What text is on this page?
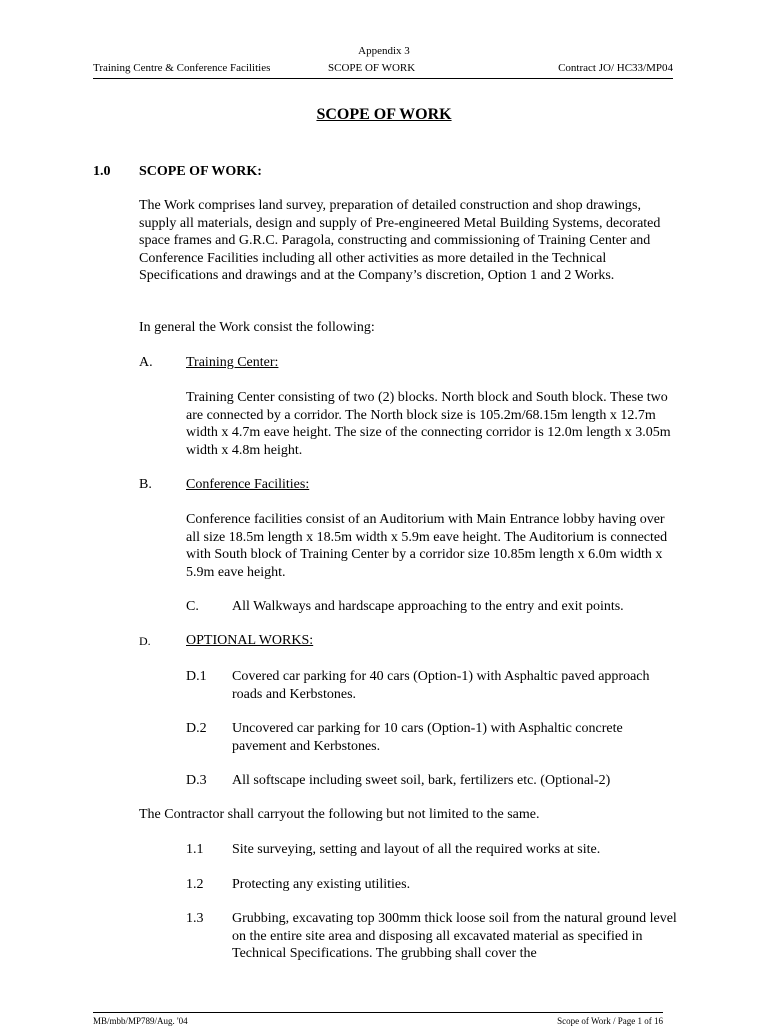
Appendix 3
Training Centre & Conference Facilities	SCOPE OF WORK	Contract JO/ HC33/MP04
SCOPE OF WORK
1.0 SCOPE OF WORK:
The Work comprises land survey, preparation of detailed construction and shop drawings, supply all materials, design and supply of Pre-engineered Metal Building Systems, decorated space frames and G.R.C. Paragola, constructing and commissioning of Training Center and Conference Facilities including all other activities as more detailed in the Technical Specifications and drawings and at the Company’s discretion, Option 1 and 2 Works.
In general the Work consist the following:
A. Training Center:
Training Center consisting of two (2) blocks. North block and South block. These two are connected by a corridor. The North block size is 105.2m/68.15m length x 12.7m width x 4.7m eave height. The size of the connecting corridor is 12.0m length x 3.05m width x 4.8m height.
B. Conference Facilities:
Conference facilities consist of an Auditorium with Main Entrance lobby having over all size 18.5m length x 18.5m width x 5.9m eave height. The Auditorium is connected with South block of Training Center by a corridor size 10.85m length x 6.0m width x 5.9m eave height.
C. All Walkways and hardscape approaching to the entry and exit points.
D.	OPTIONAL WORKS:
D.1 Covered car parking for 40 cars (Option-1) with Asphaltic paved approach roads and Kerbstones.
D.2 Uncovered car parking for 10 cars (Option-1) with Asphaltic concrete pavement and Kerbstones.
D.3 All softscape including sweet soil, bark, fertilizers etc. (Optional-2)
The Contractor shall carryout the following but not limited to the same.
1.1 Site surveying, setting and layout of all the required works at site.
1.2 Protecting any existing utilities.
1.3 Grubbing, excavating top 300mm thick loose soil from the natural ground level on the entire site area and disposing all excavated material as specified in Technical Specifications. The grubbing shall cover the
MB/mbb/MP789/Aug. '04	Scope of Work / Page 1 of 16
